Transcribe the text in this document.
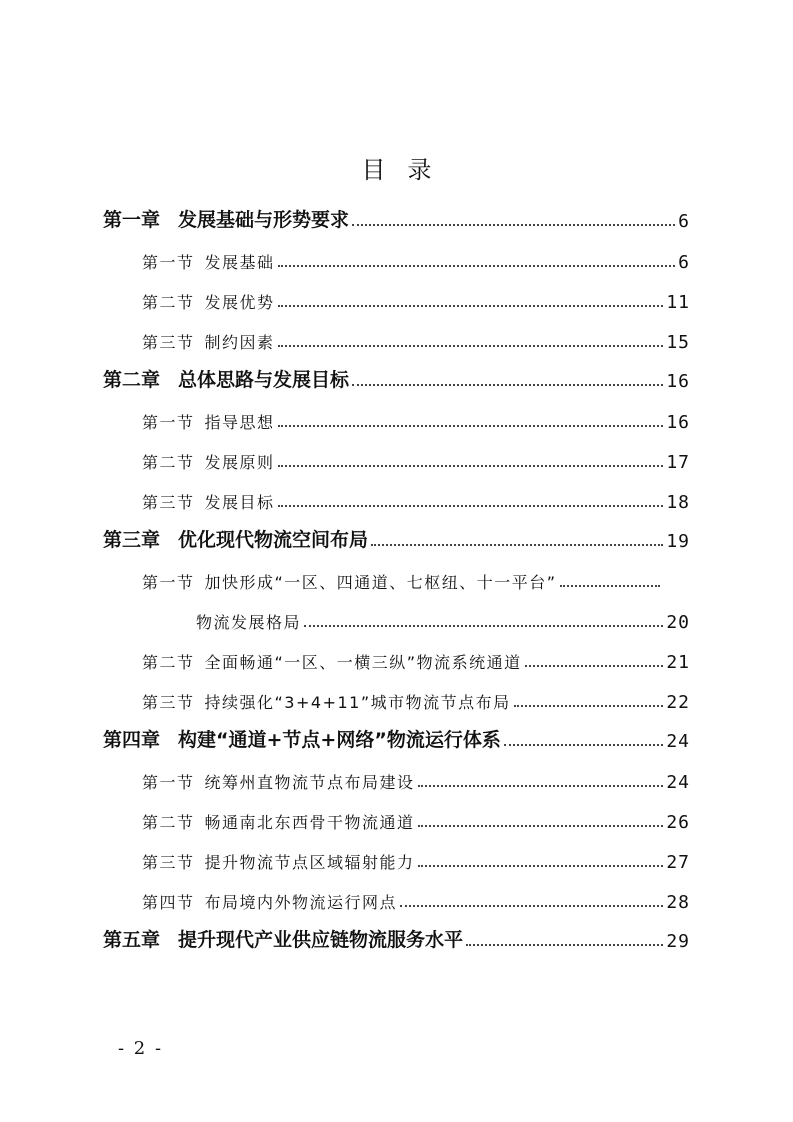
目录
第一章 发展基础与形势要求	6
第一节 发展基础	6
第二节 发展优势	11
第三节 制约因素	15
第二章 总体思路与发展目标	16
第一节 指导思想	16
第二节 发展原则	17
第三节 发展目标	18
第三章 优化现代物流空间布局	19
第一节 加快形成“一区、四通道、七枢纽、十一平台”
物流发展格局	20
第二节 全面畅通“一区、一横三纵”物流系统通道	21
第三节 持续强化“3+4+11”城市物流节点布局	22
第四章 构建“通道+节点+网络”物流运行体系	24
第一节 统筹州直物流节点布局建设	24
第二节 畅通南北东西骨干物流通道	26
第三节 提升物流节点区域辐射能力	27
第四节 布局境内外物流运行网点	28
第五章 提升现代产业供应链物流服务水平	29
- 2 -
